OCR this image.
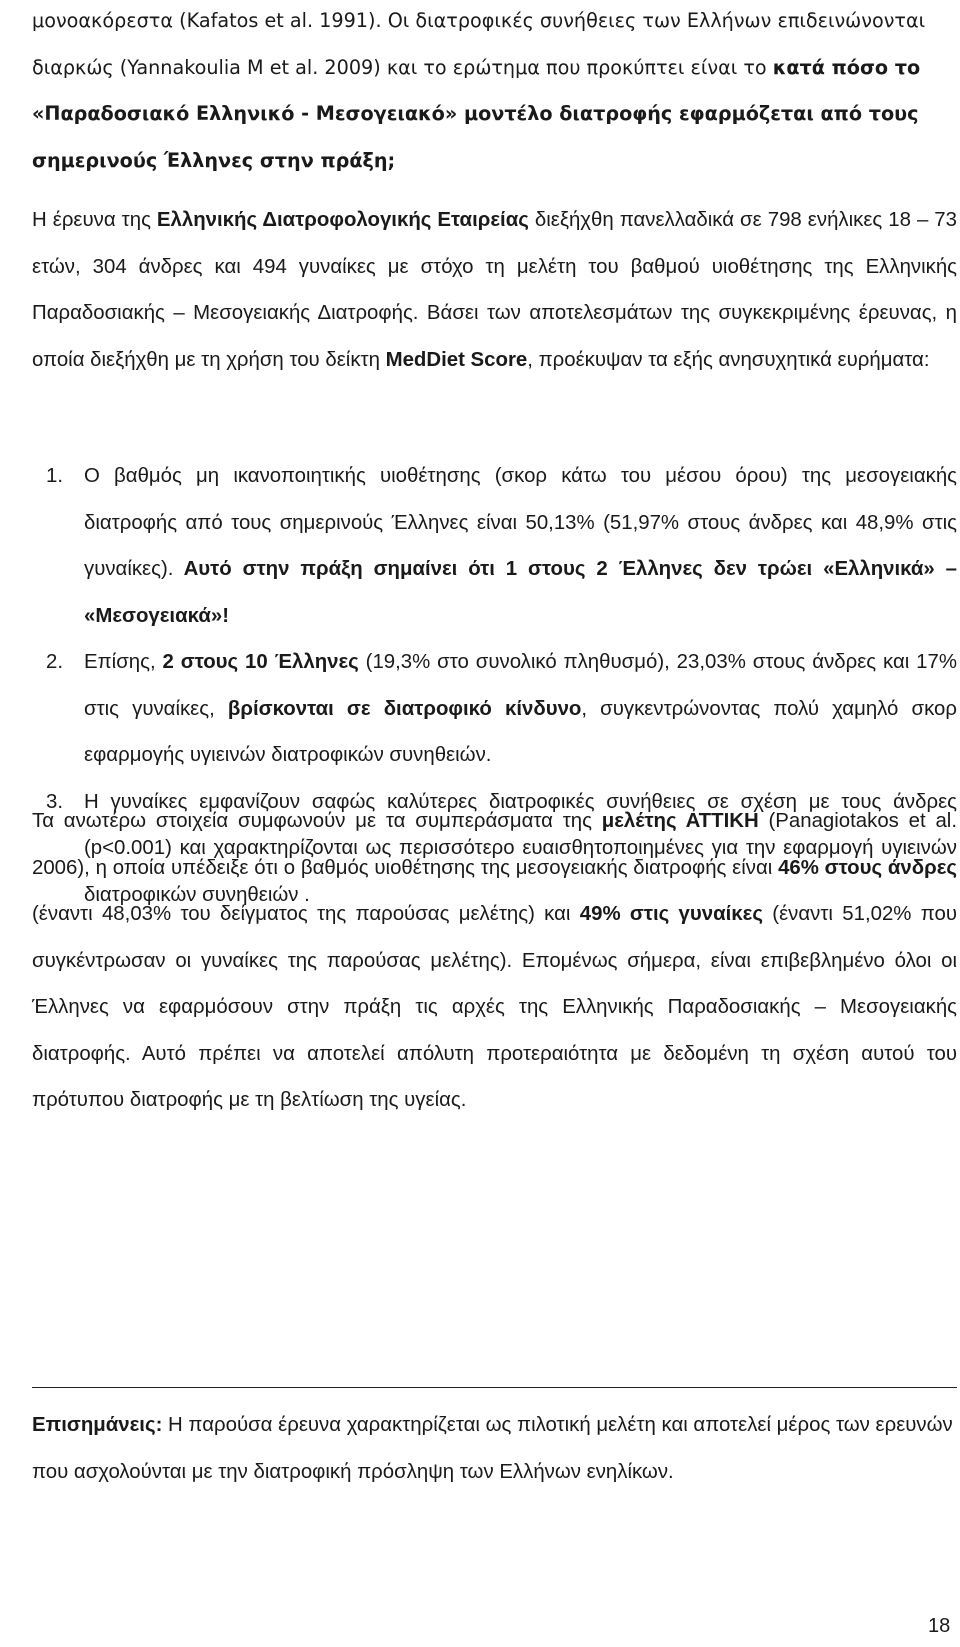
μονοακόρεστα (Kafatos et al. 1991). Οι διατροφικές συνήθειες των Ελλήνων επιδεινώνονται

διαρκώς (Yannakoulia M et al. 2009) και το ερώτημα που προκύπτει είναι το κατά πόσο το

«Παραδοσιακό Ελληνικό - Μεσογειακό» μοντέλο διατροφής εφαρμόζεται από τους

σημερινούς Έλληνες στην πράξη;

Η έρευνα της Ελληνικής Διατροφολογικής Εταιρείας διεξήχθη πανελλαδικά σε 798 ενήλικες 18 – 73 ετών, 304 άνδρες και 494 γυναίκες με στόχο τη μελέτη του βαθμού υιοθέτησης της Ελληνικής Παραδοσιακής – Μεσογειακής Διατροφής. Βάσει των αποτελεσμάτων της συγκεκριμένης έρευνας, η οποία διεξήχθη με τη χρήση του δείκτη MedDiet Score, προέκυψαν τα εξής ανησυχητικά ευρήματα:

1. Ο βαθμός μη ικανοποιητικής υιοθέτησης (σκορ κάτω του μέσου όρου) της μεσογειακής διατροφής από τους σημερινούς Έλληνες είναι 50,13% (51,97% στους άνδρες και 48,9% στις γυναίκες). Αυτό στην πράξη σημαίνει ότι 1 στους 2 Έλληνες δεν τρώει «Ελληνικά» – «Μεσογειακά»!

2. Επίσης, 2 στους 10 Έλληνες (19,3% στο συνολικό πληθυσμό), 23,03% στους άνδρες και 17% στις γυναίκες, βρίσκονται σε διατροφικό κίνδυνο, συγκεντρώνοντας πολύ χαμηλό σκορ εφαρμογής υγιεινών διατροφικών συνηθειών.

3. Η γυναίκες εμφανίζουν σαφώς καλύτερες διατροφικές συνήθειες σε σχέση με τους άνδρες (p<0.001) και χαρακτηρίζονται ως περισσότερο ευαισθητοποιημένες για την εφαρμογή υγιεινών διατροφικών συνηθειών .

Τα ανωτέρω στοιχεία συμφωνούν με τα συμπεράσματα της μελέτης ΑΤΤΙΚΗ (Panagiotakos et al. 2006), η οποία υπέδειξε ότι ο βαθμός υιοθέτησης της μεσογειακής διατροφής είναι 46% στους άνδρες (έναντι 48,03% του δείγματος της παρούσας μελέτης) και 49% στις γυναίκες (έναντι 51,02% που συγκέντρωσαν οι γυναίκες της παρούσας μελέτης). Επομένως σήμερα, είναι επιβεβλημένο όλοι οι Έλληνες να εφαρμόσουν στην πράξη τις αρχές της Ελληνικής Παραδοσιακής – Μεσογειακής διατροφής. Αυτό πρέπει να αποτελεί απόλυτη προτεραιότητα με δεδομένη τη σχέση αυτού του πρότυπου διατροφής με τη βελτίωση της υγείας.

Επισημάνεις: Η παρούσα έρευνα χαρακτηρίζεται ως πιλοτική μελέτη και αποτελεί μέρος των ερευνών που ασχολούνται με την διατροφική πρόσληψη των Ελλήνων ενηλίκων.

18
